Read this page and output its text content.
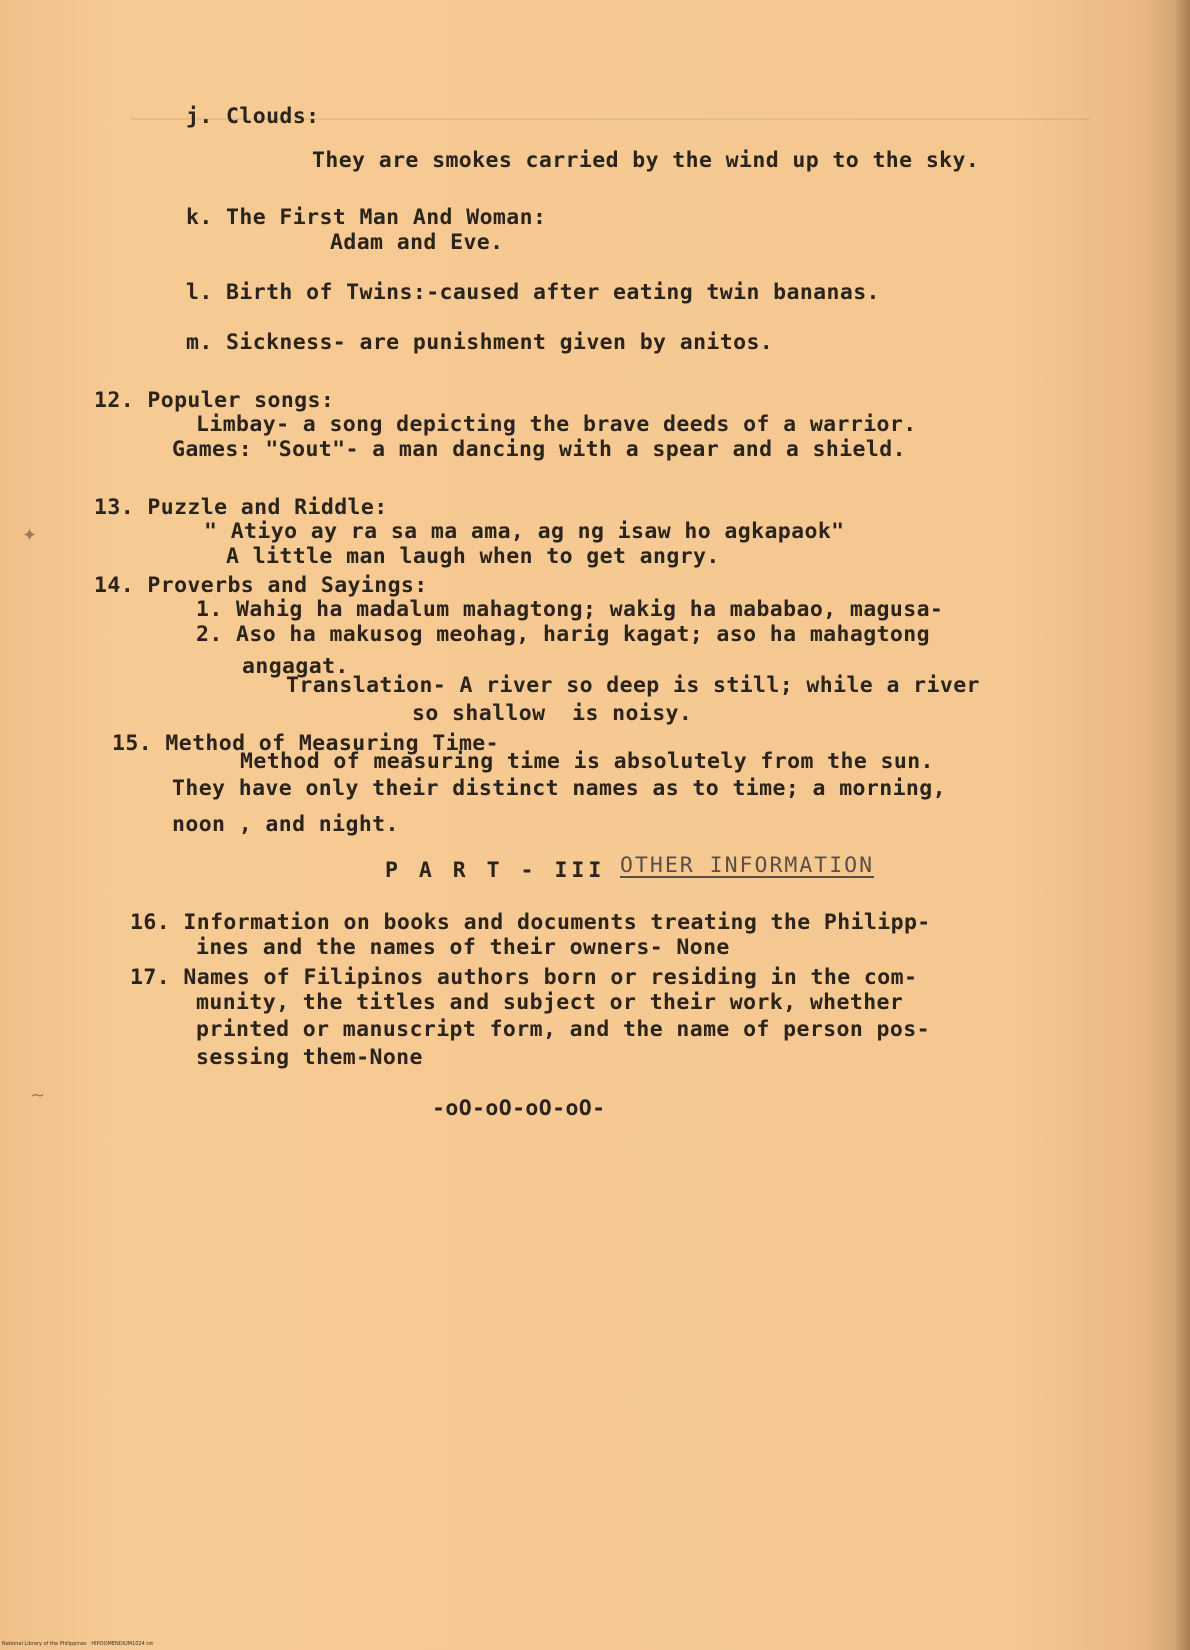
j. Clouds:
They are smokes carried by the wind up to the sky.
k. The First Man And Woman:
Adam and Eve.
l. Birth of Twins:-caused after eating twin bananas.
m. Sickness- are punishment given by anitos.
12. Populer songs:
Limbay- a song depicting the brave deeds of a warrior.
Games: "Sout"- a man dancing with a spear and a shield.
13. Puzzle and Riddle:
" Atiyo ay ra sa ma ama, ag ng isaw ho agkapaok"
A little man laugh when to get angry.
14. Proverbs and Sayings:
1. Wahig ha madalum mahagtong; wakig ha mababao, magusa-
2. Aso ha makusog meohag, harig kagat; aso ha mahagtong
angagat.
Translation- A river so deep is still; while a river
so shallow  is noisy.
15. Method of Measuring Time-
Method of measuring time is absolutely from the sun.
They have only their distinct names as to time; a morning,
noon , and night.
P A R T - III OTHER INFORMATION
16. Information on books and documents treating the Philipp-
ines and the names of their owners- None
17. Names of Filipinos authors born or residing in the com-
munity, the titles and subject or their work, whether
printed or manuscript form, and the name of person pos-
sessing them-None
-oO-oO-oO-oO-
✦
~
National Library of the Philippines   HIPOOMENDIUM1024.txt
